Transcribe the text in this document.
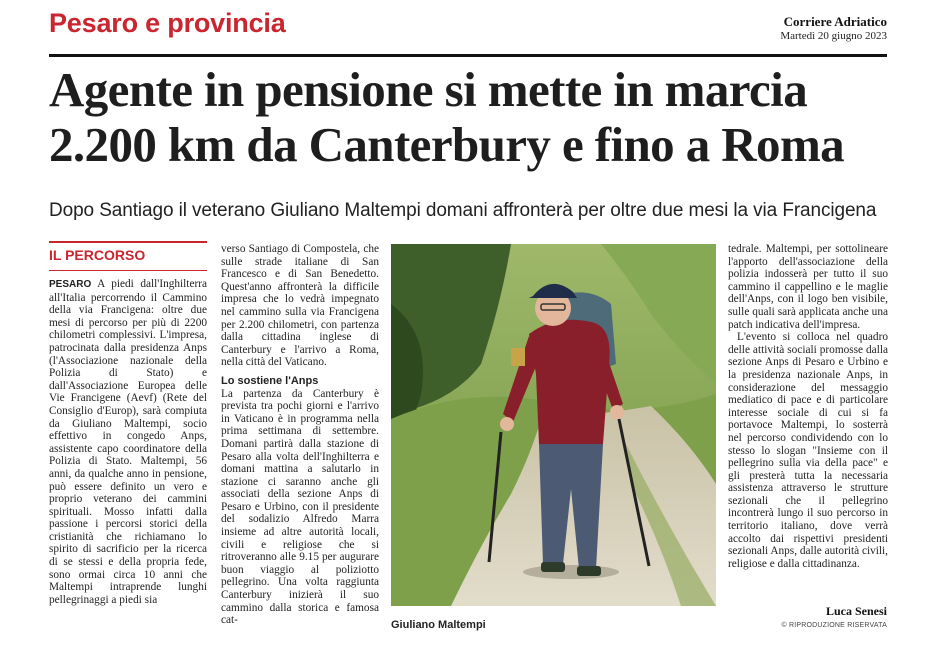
Pesaro e provincia	Corriere Adriatico
Martedì 20 giugno 2023
Agente in pensione si mette in marcia
2.200 km da Canterbury e fino a Roma
Dopo Santiago il veterano Giuliano Maltempi domani affronterà per oltre due mesi la via Francigena
IL PERCORSO

PESARO A piedi dall'Inghilterra all'Italia percorrendo il Cammino della via Francigena: oltre due mesi di percorso per più di 2200 chilometri complessivi. L'impresa, patrocinata dalla presidenza Anps (l'Associazione nazionale della Polizia di Stato) e dall'Associazione Europea delle Vie Francigene (Aevf) (Rete del Consiglio d'Europ), sarà compiuta da Giuliano Maltempi, socio effettivo in congedo Anps, assistente capo coordinatore della Polizia di Stato. Maltempi, 56 anni, da qualche anno in pensione, può essere definito un vero e proprio veterano dei cammini spirituali. Mosso infatti dalla passione i percorsi storici della cristianità che richiamano lo spirito di sacrificio per la ricerca di se stessi e della propria fede, sono ormai circa 10 anni che Maltempi intraprende lunghi pellegrinaggi a piedi sia

verso Santiago di Compostela, che sulle strade italiane di San Francesco e di San Benedetto. Quest'anno affronterà la difficile impresa che lo vedrà impegnato nel cammino sulla via Francigena per 2.200 chilometri, con partenza dalla cittadina inglese di Canterbury e l'arrivo a Roma, nella città del Vaticano.

Lo sostiene l'Anps

La partenza da Canterbury è prevista tra pochi giorni e l'arrivo in Vaticano è in programma nella prima settimana di settembre. Domani partirà dalla stazione di Pesaro alla volta dell'Inghilterra e domani mattina a salutarlo in stazione ci saranno anche gli associati della sezione Anps di Pesaro e Urbino, con il presidente del sodalizio Alfredo Marra insieme ad altre autorità locali, civili e religiose che si ritroveranno alle 9.15 per augurare buon viaggio al poliziotto pellegrino. Una volta raggiunta Canterbury inizierà il suo cammino dalla storica e famosa cat-	Giuliano Maltempi

tedrale. Maltempi, per sottolineare l'apporto dell'associazione della polizia indosserà per tutto il suo cammino il cappellino e le maglie dell'Anps, con il logo ben visibile, sulle quali sarà applicata anche una patch indicativa dell'impresa.

L'evento si colloca nel quadro delle attività sociali promosse dalla sezione Anps di Pesaro e Urbino e la presidenza nazionale Anps, in considerazione del messaggio mediatico di pace e di particolare interesse sociale di cui si fa portavoce Maltempi, lo sosterrà nel percorso condividendo con lo stesso lo slogan "Insieme con il pellegrino sulla via della pace" e gli presterà tutta la necessaria assistenza attraverso le strutture sezionali che il pellegrino incontrerà lungo il suo percorso in territorio italiano, dove verrà accolto dai rispettivi presidenti sezionali Anps, dalle autorità civili, religiose e dalla cittadinanza.

Luca Senesi
© RIPRODUZIONE RISERVATA
